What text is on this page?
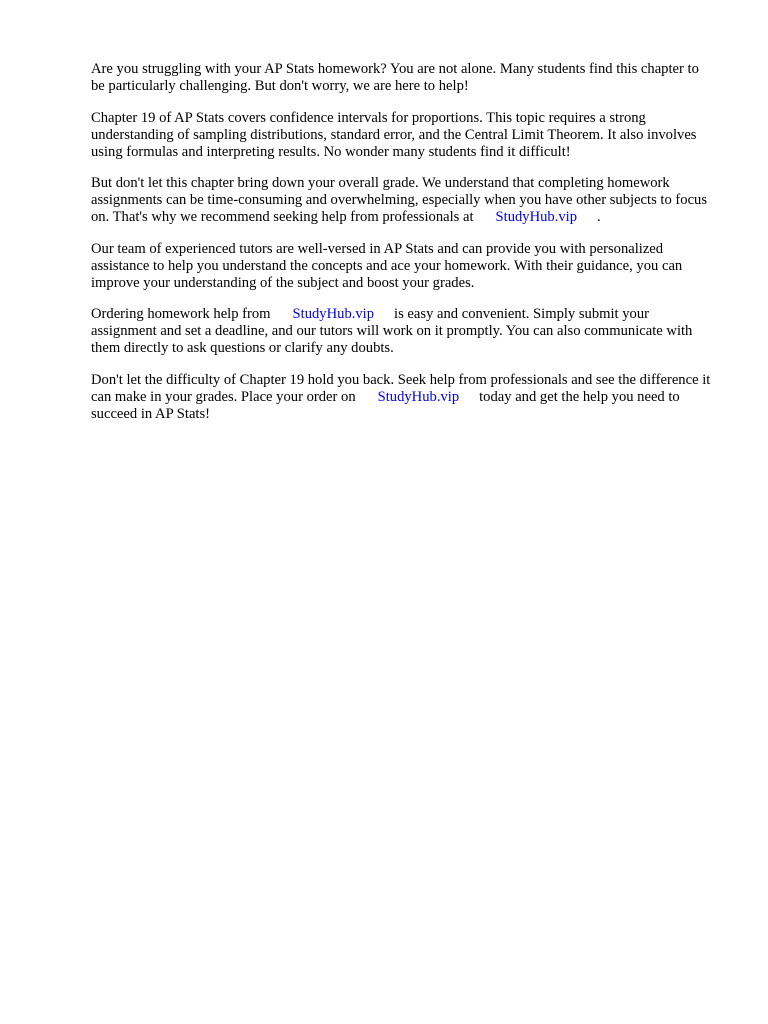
Are you struggling with your AP Stats homework? You are not alone. Many students find this chapter to be particularly challenging. But don't worry, we are here to help!

Chapter 19 of AP Stats covers confidence intervals for proportions. This topic requires a strong understanding of sampling distributions, standard error, and the Central Limit Theorem. It also involves using formulas and interpreting results. No wonder many students find it difficult!

But don't let this chapter bring down your overall grade. We understand that completing homework assignments can be time-consuming and overwhelming, especially when you have other subjects to focus on. That's why we recommend seeking help from professionals at StudyHub.vip .

Our team of experienced tutors are well-versed in AP Stats and can provide you with personalized assistance to help you understand the concepts and ace your homework. With their guidance, you can improve your understanding of the subject and boost your grades.

Ordering homework help from StudyHub.vip is easy and convenient. Simply submit your assignment and set a deadline, and our tutors will work on it promptly. You can also communicate with them directly to ask questions or clarify any doubts.

Don't let the difficulty of Chapter 19 hold you back. Seek help from professionals and see the difference it can make in your grades. Place your order on StudyHub.vip today and get the help you need to succeed in AP Stats!
